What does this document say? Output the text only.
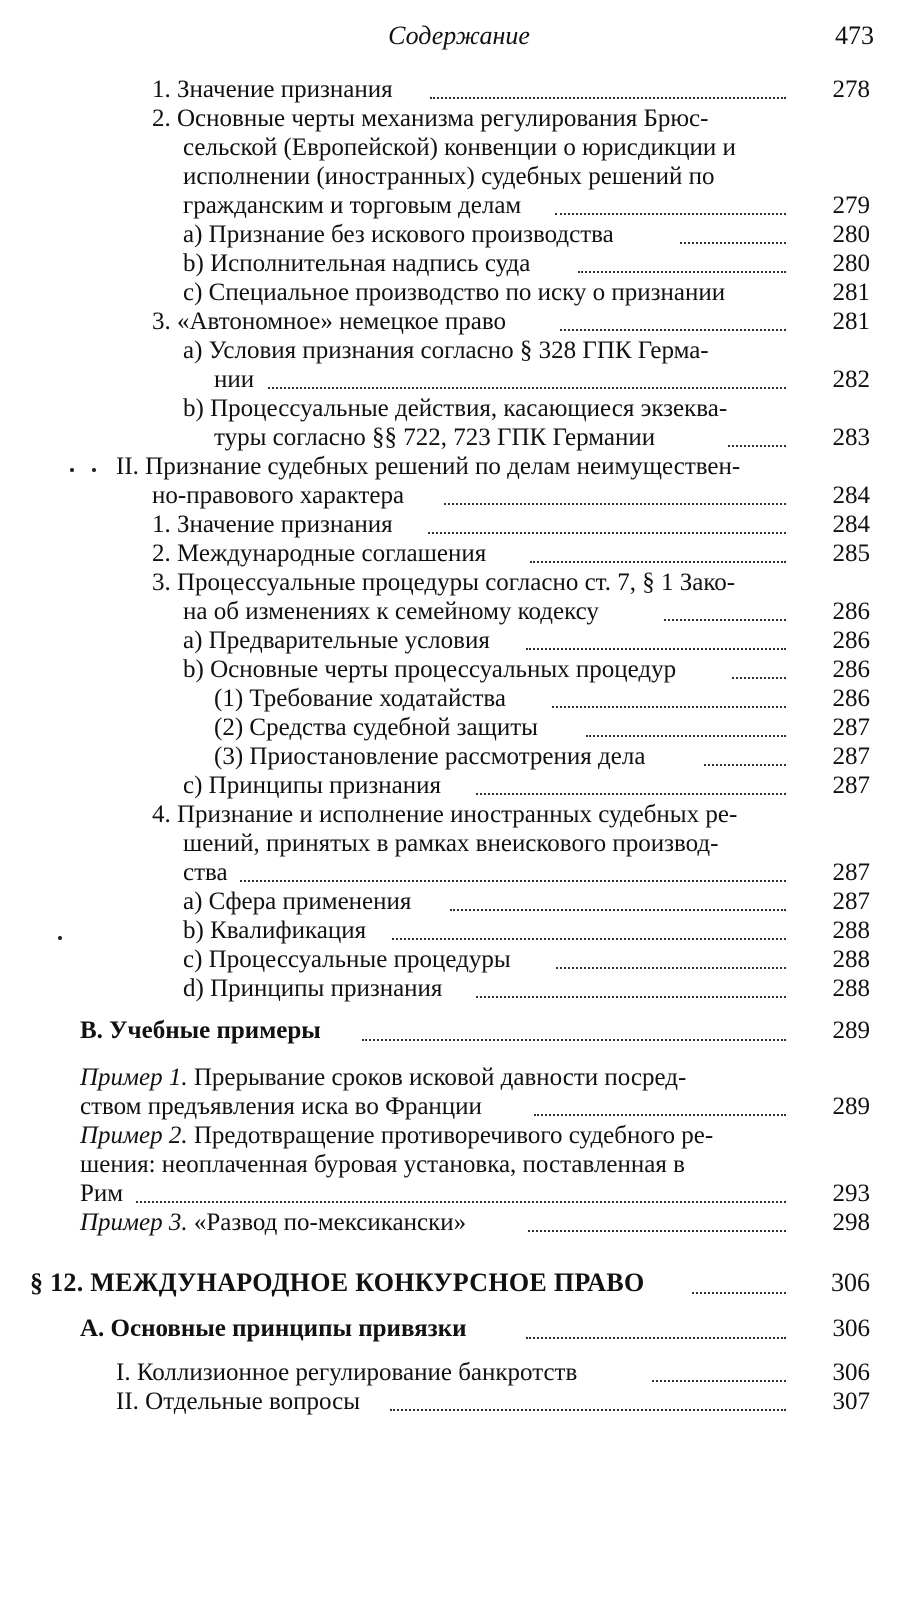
Содержание	473
1. Значение признания	278
2. Основные черты механизма регулирования Брюс-
сельской (Европейской) конвенции о юрисдикции и
исполнении (иностранных) судебных решений по
гражданским и торговым делам	279
a) Признание без искового производства	280
b) Исполнительная надпись суда	280
c) Специальное производство по иску о признании	281
3. «Автономное» немецкое право	281
a) Условия признания согласно § 328 ГПК Герма-
нии	282
b) Процессуальные действия, касающиеся экзеква-
туры согласно §§ 722, 723 ГПК Германии	283
II. Признание судебных решений по делам неимуществен-
но-правового характера	284
1. Значение признания	284
2. Международные соглашения	285
3. Процессуальные процедуры согласно ст. 7, § 1 Зако-
на об изменениях к семейному кодексу	286
a) Предварительные условия	286
b) Основные черты процессуальных процедур	286
(1) Требование ходатайства	286
(2) Средства судебной защиты	287
(3) Приостановление рассмотрения дела	287
c) Принципы признания	287
4. Признание и исполнение иностранных судебных ре-
шений, принятых в рамках внеискового производ-
ства	287
a) Сфера применения	287
b) Квалификация	288
c) Процессуальные процедуры	288
d) Принципы признания	288
B. Учебные примеры	289
Пример 1. Прерывание сроков исковой давности посред-
ством предъявления иска во Франции	289
Пример 2. Предотвращение противоречивого судебного ре-
шения: неоплаченная буровая установка, поставленная в
Рим	293
Пример 3. «Развод по-мексикански»	298
§ 12. МЕЖДУНАРОДНОЕ КОНКУРСНОЕ ПРАВО	306
А. Основные принципы привязки	306
I. Коллизионное регулирование банкротств	306
II. Отдельные вопросы	307
